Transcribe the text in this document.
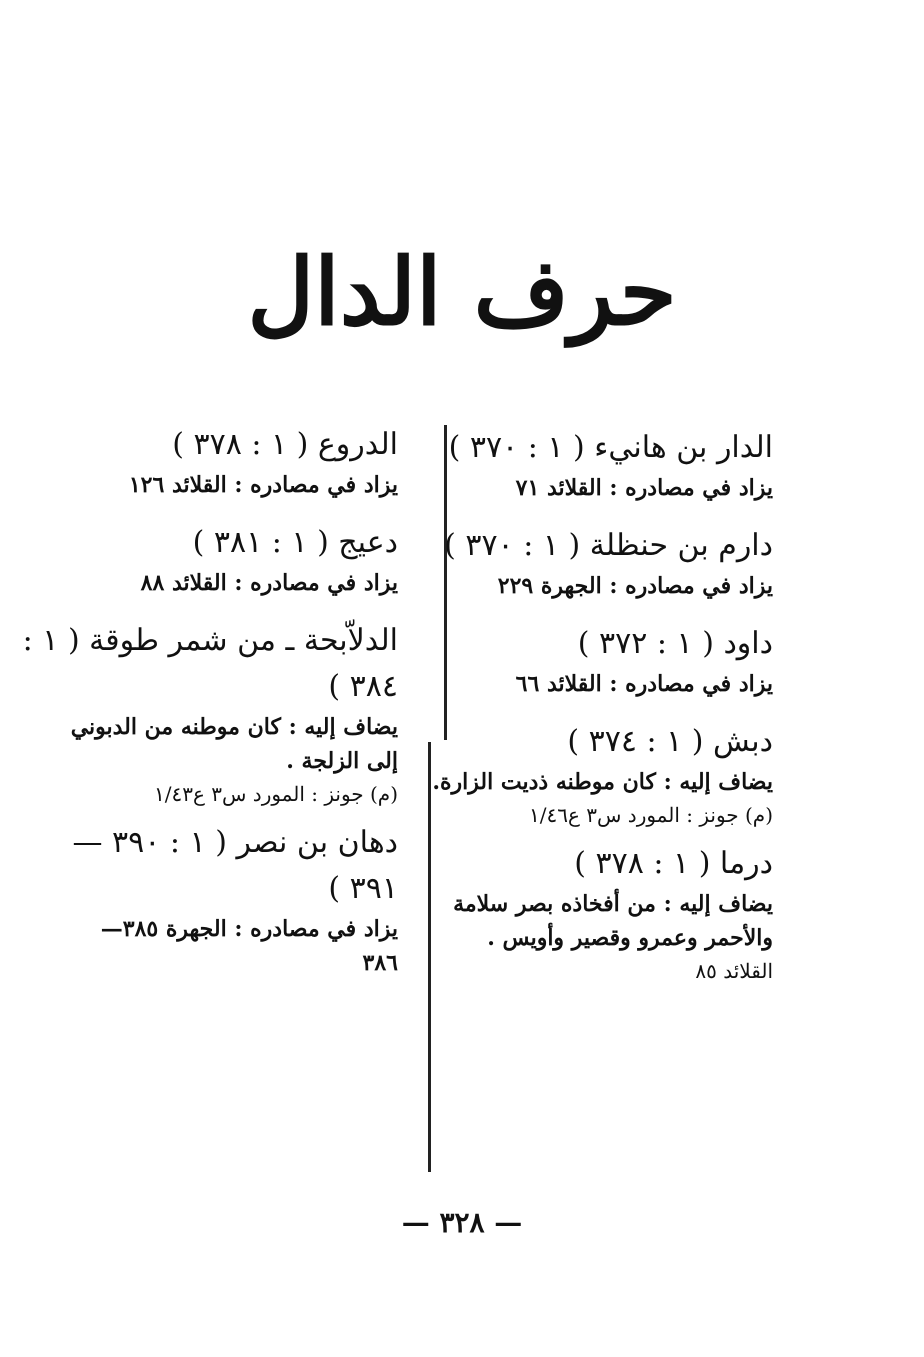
حرف الدال

الدار بن هانيء ( ١ : ٣٧٠ )

يزاد في مصادره : القلائد ٧١

دارم بن حنظلة ( ١ : ٣٧٠ )

يزاد في مصادره : الجهرة ٢٢٩

داود ( ١ : ٣٧٢ )

يزاد في مصادره : القلائد ٦٦

دبش ( ١ : ٣٧٤ )

يضاف إليه : كان موطنه ذديت الزارة.

(م) جونز : المورد س٣ ع١/٤٦

درما ( ١ : ٣٧٨ )

يضاف إليه : من أفخاذه بصر سلامة

والأحمر وعمرو وقصير وأويس .

القلائد ٨٥

الدروع ( ١ : ٣٧٨ )

يزاد في مصادره : القلائد ١٢٦

دعيج ( ١ : ٣٨١ )

يزاد في مصادره : القلائد ٨٨

الدلاّبحة ـ من شمر طوقة ( ١ :

٣٨٤ )

يضاف إليه : كان موطنه من الدبوني

إلى الزلجة .

(م) جونز : المورد س٣ ع١/٤٣

دهان بن نصر ( ١ : ٣٩٠ —

٣٩١ )

يزاد في مصادره : الجهرة ٣٨٥—

٣٨٦

— ٣٢٨ —
